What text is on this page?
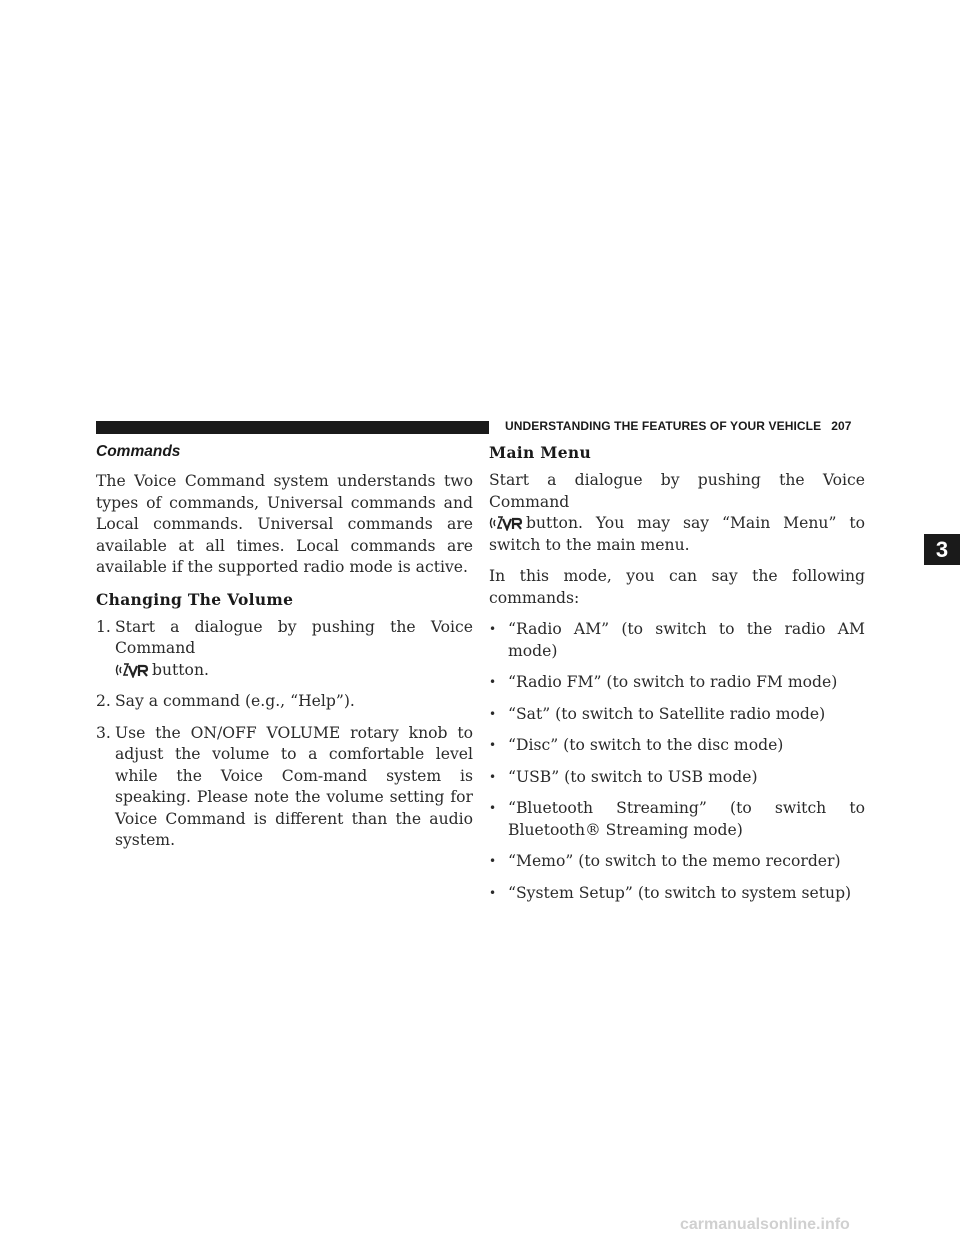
UNDERSTANDING THE FEATURES OF YOUR VEHICLE 207
Commands

The Voice Command system understands two types of commands, Universal commands and Local commands. Universal commands are available at all times. Local commands are available if the supported radio mode is active.

Changing The Volume
1. Start a dialogue by pushing the Voice Command
button.
2. Say a command (e.g., “Help”).
3. Use the ON/OFF VOLUME rotary knob to adjust the volume to a comfortable level while the Voice Com-mand system is speaking. Please note the volume setting for Voice Command is different than the audio system.
Main Menu
Start a dialogue by pushing the Voice Command

button. You may say “Main Menu” to switch to the main menu.

In this mode, you can say the following commands:

• “Radio AM” (to switch to the radio AM mode)
• “Radio FM” (to switch to radio FM mode)
• “Sat” (to switch to Satellite radio mode)
• “Disc” (to switch to the disc mode)
• “USB” (to switch to USB mode)
• “Bluetooth Streaming” (to switch to Bluetooth® Streaming mode)
• “Memo” (to switch to the memo recorder)
• “System Setup” (to switch to system setup)
3
carmanualsonline.info
